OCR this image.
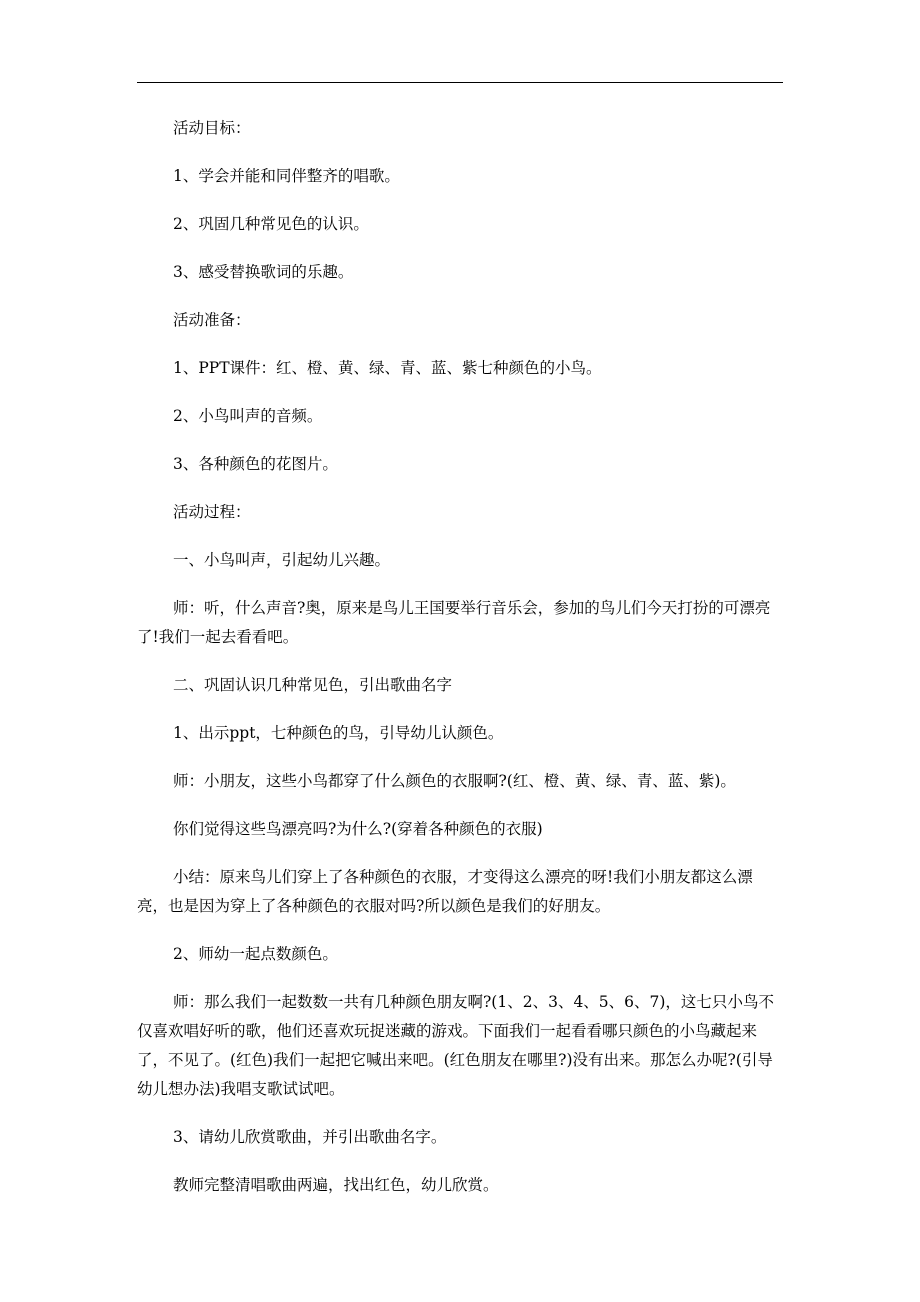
活动目标：

1、学会并能和同伴整齐的唱歌。

2、巩固几种常见色的认识。

3、感受替换歌词的乐趣。

活动准备：

1、PPT课件：红、橙、黄、绿、青、蓝、紫七种颜色的小鸟。

2、小鸟叫声的音频。

3、各种颜色的花图片。

活动过程：

一、小鸟叫声，引起幼儿兴趣。

师：听，什么声音?奥，原来是鸟儿王国要举行音乐会，参加的鸟儿们今天打扮的可漂亮了!我们一起去看看吧。

二、巩固认识几种常见色，引出歌曲名字

1、出示ppt，七种颜色的鸟，引导幼儿认颜色。

师：小朋友，这些小鸟都穿了什么颜色的衣服啊?(红、橙、黄、绿、青、蓝、紫)。

你们觉得这些鸟漂亮吗?为什么?(穿着各种颜色的衣服)

小结：原来鸟儿们穿上了各种颜色的衣服，才变得这么漂亮的呀!我们小朋友都这么漂亮，也是因为穿上了各种颜色的衣服对吗?所以颜色是我们的好朋友。

2、师幼一起点数颜色。

师：那么我们一起数数一共有几种颜色朋友啊?(1、2、3、4、5、6、7)，这七只小鸟不仅喜欢唱好听的歌，他们还喜欢玩捉迷藏的游戏。下面我们一起看看哪只颜色的小鸟藏起来了，不见了。(红色)我们一起把它喊出来吧。(红色朋友在哪里?)没有出来。那怎么办呢?(引导幼儿想办法)我唱支歌试试吧。

3、请幼儿欣赏歌曲，并引出歌曲名字。

教师完整清唱歌曲两遍，找出红色，幼儿欣赏。
